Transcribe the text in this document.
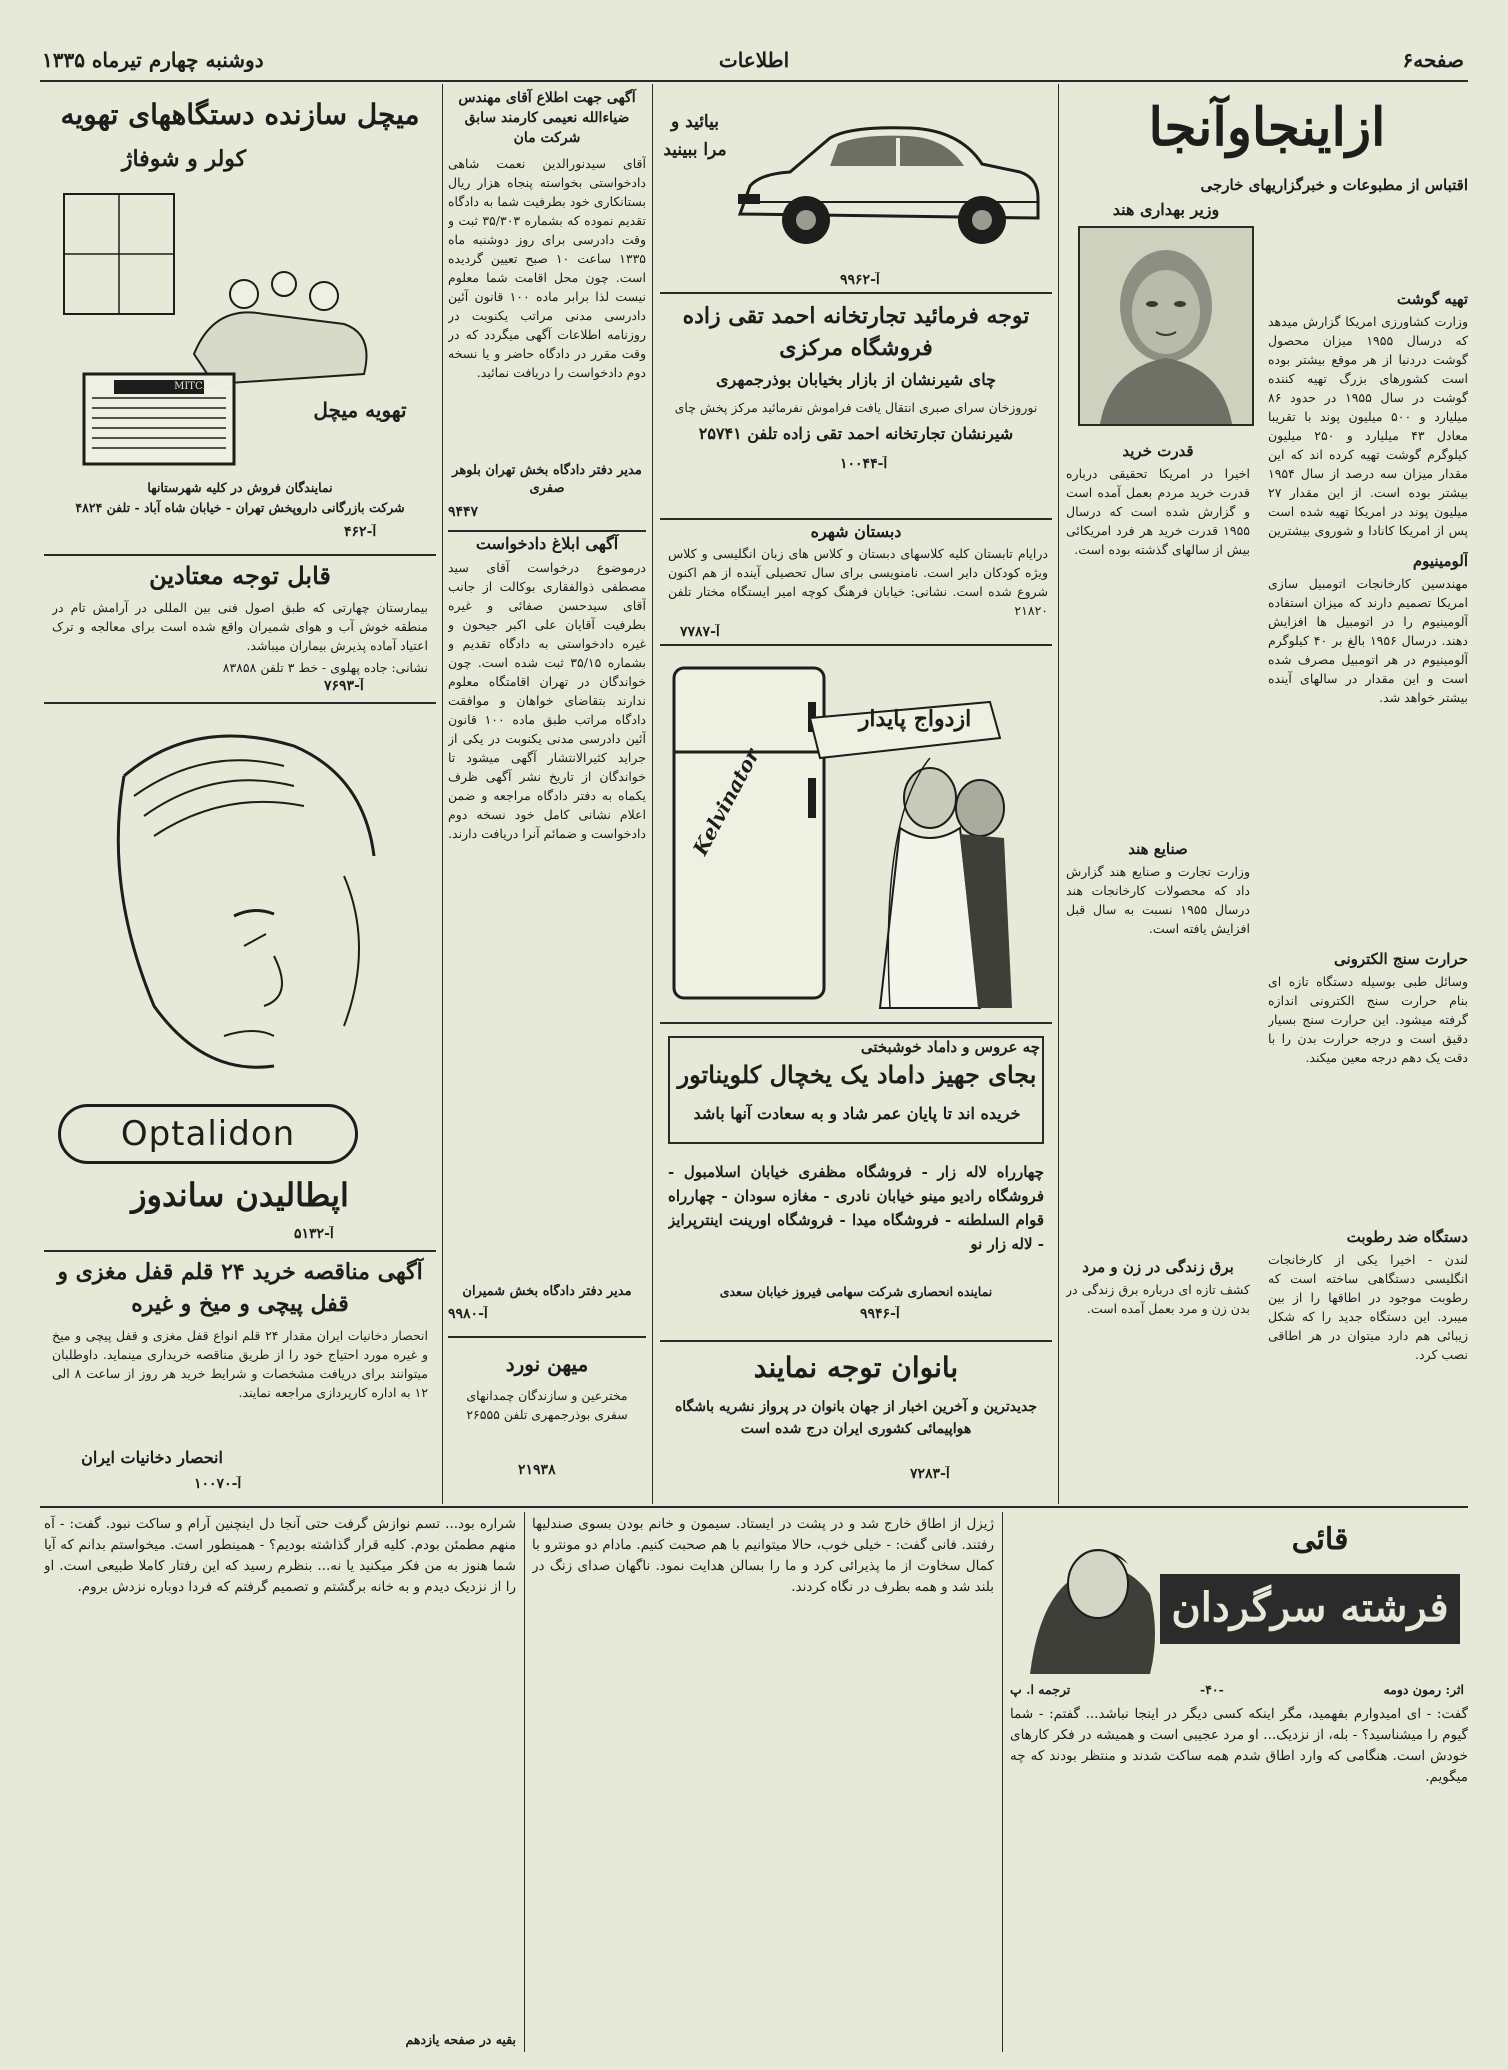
صفحه۶
اطلاعات
دوشنبه چهارم تیرماه ۱۳۳۵
ازاینجاوآنجا
اقتباس از مطبوعات و خبرگزاریهای خارجی
وزیر بهداری هند
تهیه گوشت
وزارت کشاورزی امریکا گزارش میدهد که درسال ۱۹۵۵ میزان محصول گوشت دردنیا از هر موقع بیشتر بوده است کشورهای بزرگ تهیه کننده گوشت در سال ۱۹۵۵ در حدود ۸۶ میلیارد و ۵۰۰ میلیون پوند با تقریبا معادل ۴۳ میلیارد و ۲۵۰ میلیون کیلوگرم گوشت تهیه کرده اند که این مقدار میزان سه درصد از سال ۱۹۵۴ بیشتر بوده است. از این مقدار ۲۷ میلیون پوند در امریکا تهیه شده است پس از امریکا کانادا و شوروی بیشترین
قدرت خرید
اخیرا در امریکا تحقیقی درباره قدرت خرید مردم بعمل آمده است و گزارش شده است که درسال ۱۹۵۵ قدرت خرید هر فرد امریکائی بیش از سالهای گذشته بوده است.
آلومینیوم
مهندسین کارخانجات اتومبیل سازی امریکا تصمیم دارند که میزان استفاده آلومینیوم را در اتومبیل ها افزایش دهند. درسال ۱۹۵۶ بالغ بر ۴۰ کیلوگرم آلومینیوم در هر اتومبیل مصرف شده است و این مقدار در سالهای آینده بیشتر خواهد شد.
صنایع هند
وزارت تجارت و صنایع هند گزارش داد که محصولات کارخانجات هند درسال ۱۹۵۵ نسبت به سال قبل افزایش یافته است.
حرارت سنج الکترونی
وسائل طبی بوسیله دستگاه تازه ای بنام حرارت سنج الکترونی اندازه گرفته میشود. این حرارت سنج بسیار دقیق است و درجه حرارت بدن را با دقت یک دهم درجه معین میکند.
دستگاه ضد رطوبت
لندن - اخیرا یکی از کارخانجات انگلیسی دستگاهی ساخته است که رطوبت موجود در اطاقها را از بین میبرد. این دستگاه جدید را که شکل زیبائی هم دارد میتوان در هر اطاقی نصب کرد.
برق زندگی در زن و مرد
کشف تازه ای درباره برق زندگی در بدن زن و مرد بعمل آمده است.
بیائید و مرا ببینید
آ-۹۹۶۲
توجه فرمائید تجارتخانه احمد تقی زاده فروشگاه مرکزی
چای شیرنشان از بازار بخیابان بوذرجمهری
نوروزخان سرای صبری انتقال یافت فراموش نفرمائید مرکز پخش چای
شیرنشان تجارتخانه احمد تقی زاده تلفن ۲۵۷۴۱
آ-۱۰۰۴۴
دبستان شهره
درایام تابستان کلیه کلاسهای دبستان و کلاس های زبان انگلیسی و کلاس ویژه کودکان دایر است. نامنویسی برای سال تحصیلی آینده از هم اکنون شروع شده است. نشانی: خیابان فرهنگ کوچه امیر ایستگاه مختار تلفن ۲۱۸۲۰
آ-۷۷۸۷
ازدواج پایدار
Kelvinator
چه عروس و داماد خوشبختی
بجای جهیز داماد یک یخچال کلویناتور
خریده اند تا پایان عمر شاد و به سعادت آنها باشد
چهارراه لاله زار - فروشگاه مظفری خیابان اسلامبول - فروشگاه رادیو مینو خیابان نادری - مغازه سودان - چهارراه قوام السلطنه - فروشگاه میدا - فروشگاه اورینت اینترپرایز - لاله زار نو
نماینده انحصاری شرکت سهامی فیروز خیابان سعدی
آ-۹۹۴۶
بانوان توجه نمایند
جدیدترین و آخرین اخبار از جهان بانوان در پرواز نشریه باشگاه هواپیمائی کشوری ایران درج شده است
آ-۷۲۸۳
آگهی جهت اطلاع آقای مهندس ضیاءالله نعیمی کارمند سابق شرکت مان
آقای سیدنورالدین نعمت شاهی دادخواستی بخواسته پنجاه هزار ریال بستانکاری خود بطرفیت شما به دادگاه تقدیم نموده که بشماره ۳۵/۳۰۳ ثبت و وقت دادرسی برای روز دوشنبه ماه ۱۳۳۵ ساعت ۱۰ صبح تعیین گردیده است. چون محل اقامت شما معلوم نیست لذا برابر ماده ۱۰۰ قانون آئین دادرسی مدنی مراتب یکنوبت در روزنامه اطلاعات آگهی میگردد که در وقت مقرر در دادگاه حاضر و یا نسخه دوم دادخواست را دریافت نمائید.
مدیر دفتر دادگاه بخش تهران بلوهر صفری
۹۴۴۷
آگهی ابلاغ دادخواست
درموضوع درخواست آقای سید مصطفی ذوالفقاری بوکالت از جانب آقای سیدحسن صفائی و غیره بطرفیت آقایان علی اکبر جیحون و غیره دادخواستی به دادگاه تقدیم و بشماره ۳۵/۱۵ ثبت شده است. چون خواندگان در تهران اقامتگاه معلوم ندارند بتقاضای خواهان و موافقت دادگاه مراتب طبق ماده ۱۰۰ قانون آئین دادرسی مدنی یکنوبت در یکی از جراید کثیرالانتشار آگهی میشود تا خواندگان از تاریخ نشر آگهی ظرف یکماه به دفتر دادگاه مراجعه و ضمن اعلام نشانی کامل خود نسخه دوم دادخواست و ضمائم آنرا دریافت دارند.
مدیر دفتر دادگاه بخش شمیران
آ-۹۹۸۰
میهن نورد
مخترعین و سازندگان چمدانهای سفری بوذرجمهری تلفن ۲۶۵۵۵
۲۱۹۳۸
میچل سازنده دستگاههای تهویه
کولر و شوفاژ
MITCHELL
تهویه میچل
نمایندگان فروش در کلیه شهرستانها
شرکت بازرگانی داروپخش تهران - خیابان شاه آباد - تلفن ۴۸۲۴
آ-۴۶۲
قابل توجه معتادین
بیمارستان چهارتی که طبق اصول فنی بین المللی در آرامش تام در منطقه خوش آب و هوای شمیران واقع شده است برای معالجه و ترک اعتیاد آماده پذیرش بیماران میباشد.
نشانی: جاده پهلوی - خط ۳ تلفن ۸۳۸۵۸
آ-۷۶۹۳
Optalidon
اپطالیدن ساندوز
آ-۵۱۳۲
آگهی مناقصه خرید ۲۴ قلم قفل مغزی و قفل پیچی و میخ و غیره
انحصار دخانیات ایران مقدار ۲۴ قلم انواع قفل مغزی و قفل پیچی و میخ و غیره مورد احتیاج خود را از طریق مناقصه خریداری مینماید. داوطلبان میتوانند برای دریافت مشخصات و شرایط خرید هر روز از ساعت ۸ الی ۱۲ به اداره کارپردازی مراجعه نمایند.
انحصار دخانیات ایران
آ-۱۰۰۷۰
قائی
فرشته سرگردان
اثر: رمون دومه
-۴۰-
ترجمه ا. پ
گفت: - ای امیدوارم بفهمید، مگر اینکه کسی دیگر در اینجا نباشد... گفتم: - شما گیوم را میشناسید؟ - بله، از نزدیک... او مرد عجیبی است و همیشه در فکر کارهای خودش است. هنگامی که وارد اطاق شدم همه ساکت شدند و منتظر بودند که چه میگویم.
ژیزل از اطاق خارج شد و در پشت در ایستاد. سیمون و خانم بودن بسوی صندلیها رفتند. فانی گفت: - خیلی خوب، حالا میتوانیم با هم صحبت کنیم. مادام دو مونترو با کمال سخاوت از ما پذیرائی کرد و ما را بسالن هدایت نمود. ناگهان صدای زنگ در بلند شد و همه بطرف در نگاه کردند.
شراره بود... تسم نوازش گرفت حتی آنجا دل اینچنین آرام و ساکت نبود. گفت: - آه منهم مطمئن بودم. کلیه قرار گذاشته بودیم؟ - همینطور است. میخواستم بدانم که آیا شما هنوز به من فکر میکنید یا نه... بنظرم رسید که این رفتار کاملا طبیعی است. او را از نزدیک دیدم و به خانه برگشتم و تصمیم گرفتم که فردا دوباره نزدش بروم.
بقیه در صفحه یازدهم
